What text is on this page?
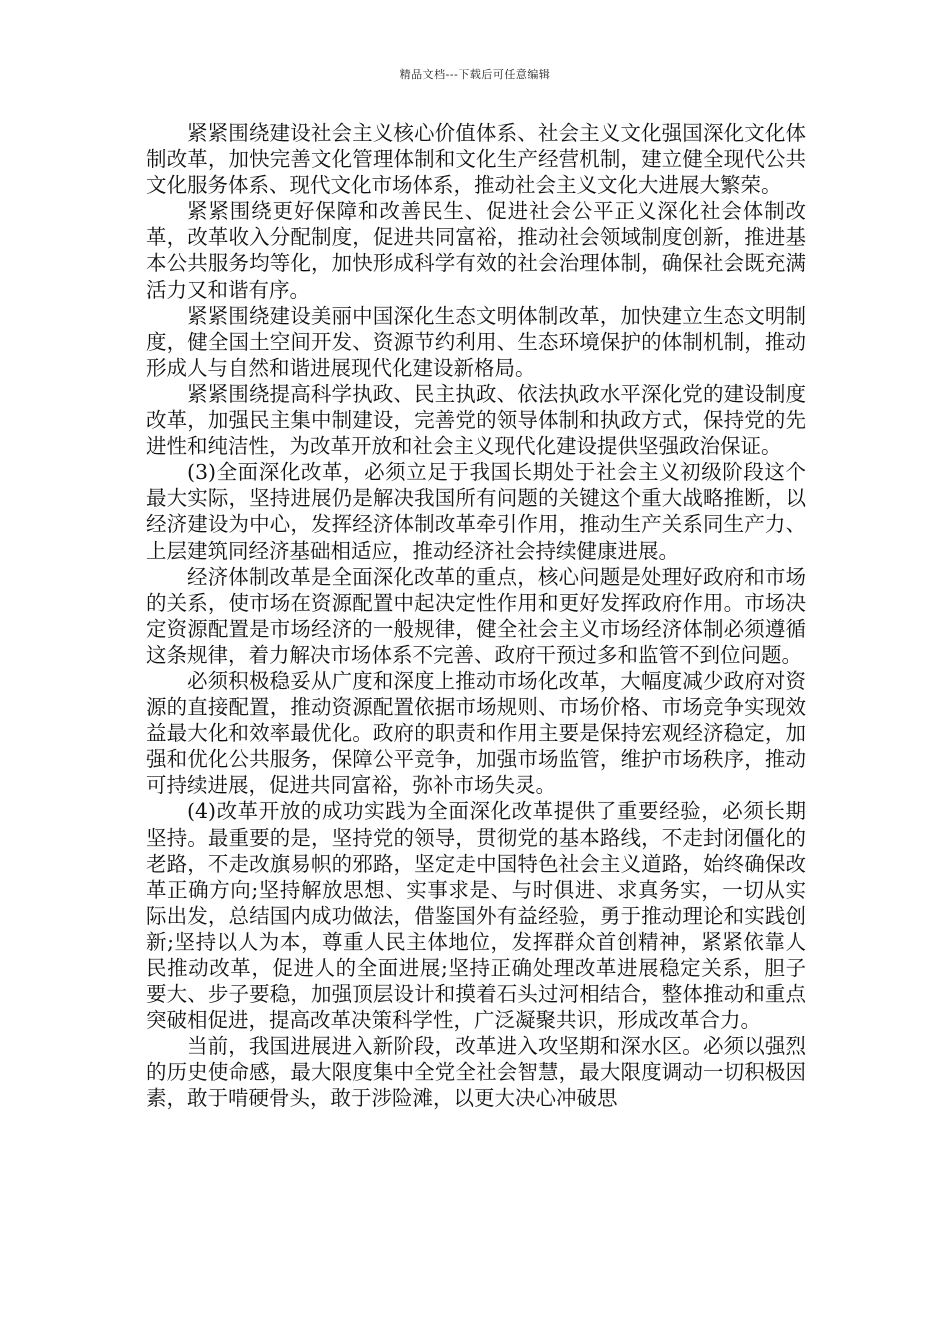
精品文档---下载后可任意编辑

紧紧围绕建设社会主义核心价值体系、社会主义文化强国深化文化体制改革，加快完善文化管理体制和文化生产经营机制，建立健全现代公共文化服务体系、现代文化市场体系，推动社会主义文化大进展大繁荣。

紧紧围绕更好保障和改善民生、促进社会公平正义深化社会体制改革，改革收入分配制度，促进共同富裕，推动社会领域制度创新，推进基本公共服务均等化，加快形成科学有效的社会治理体制，确保社会既充满活力又和谐有序。

紧紧围绕建设美丽中国深化生态文明体制改革，加快建立生态文明制度，健全国土空间开发、资源节约利用、生态环境保护的体制机制，推动形成人与自然和谐进展现代化建设新格局。

紧紧围绕提高科学执政、民主执政、依法执政水平深化党的建设制度改革，加强民主集中制建设，完善党的领导体制和执政方式，保持党的先进性和纯洁性，为改革开放和社会主义现代化建设提供坚强政治保证。

(3)全面深化改革，必须立足于我国长期处于社会主义初级阶段这个最大实际，坚持进展仍是解决我国所有问题的关键这个重大战略推断，以经济建设为中心，发挥经济体制改革牵引作用，推动生产关系同生产力、上层建筑同经济基础相适应，推动经济社会持续健康进展。

经济体制改革是全面深化改革的重点，核心问题是处理好政府和市场的关系，使市场在资源配置中起决定性作用和更好发挥政府作用。市场决定资源配置是市场经济的一般规律，健全社会主义市场经济体制必须遵循这条规律，着力解决市场体系不完善、政府干预过多和监管不到位问题。

必须积极稳妥从广度和深度上推动市场化改革，大幅度减少政府对资源的直接配置，推动资源配置依据市场规则、市场价格、市场竞争实现效益最大化和效率最优化。政府的职责和作用主要是保持宏观经济稳定，加强和优化公共服务，保障公平竞争，加强市场监管，维护市场秩序，推动可持续进展，促进共同富裕，弥补市场失灵。

(4)改革开放的成功实践为全面深化改革提供了重要经验，必须长期坚持。最重要的是，坚持党的领导，贯彻党的基本路线，不走封闭僵化的老路，不走改旗易帜的邪路，坚定走中国特色社会主义道路，始终确保改革正确方向;坚持解放思想、实事求是、与时俱进、求真务实，一切从实际出发，总结国内成功做法，借鉴国外有益经验，勇于推动理论和实践创新;坚持以人为本，尊重人民主体地位，发挥群众首创精神，紧紧依靠人民推动改革，促进人的全面进展;坚持正确处理改革进展稳定关系，胆子要大、步子要稳，加强顶层设计和摸着石头过河相结合，整体推动和重点突破相促进，提高改革决策科学性，广泛凝聚共识，形成改革合力。

当前，我国进展进入新阶段，改革进入攻坚期和深水区。必须以强烈的历史使命感，最大限度集中全党全社会智慧，最大限度调动一切积极因素，敢于啃硬骨头，敢于涉险滩，以更大决心冲破思
